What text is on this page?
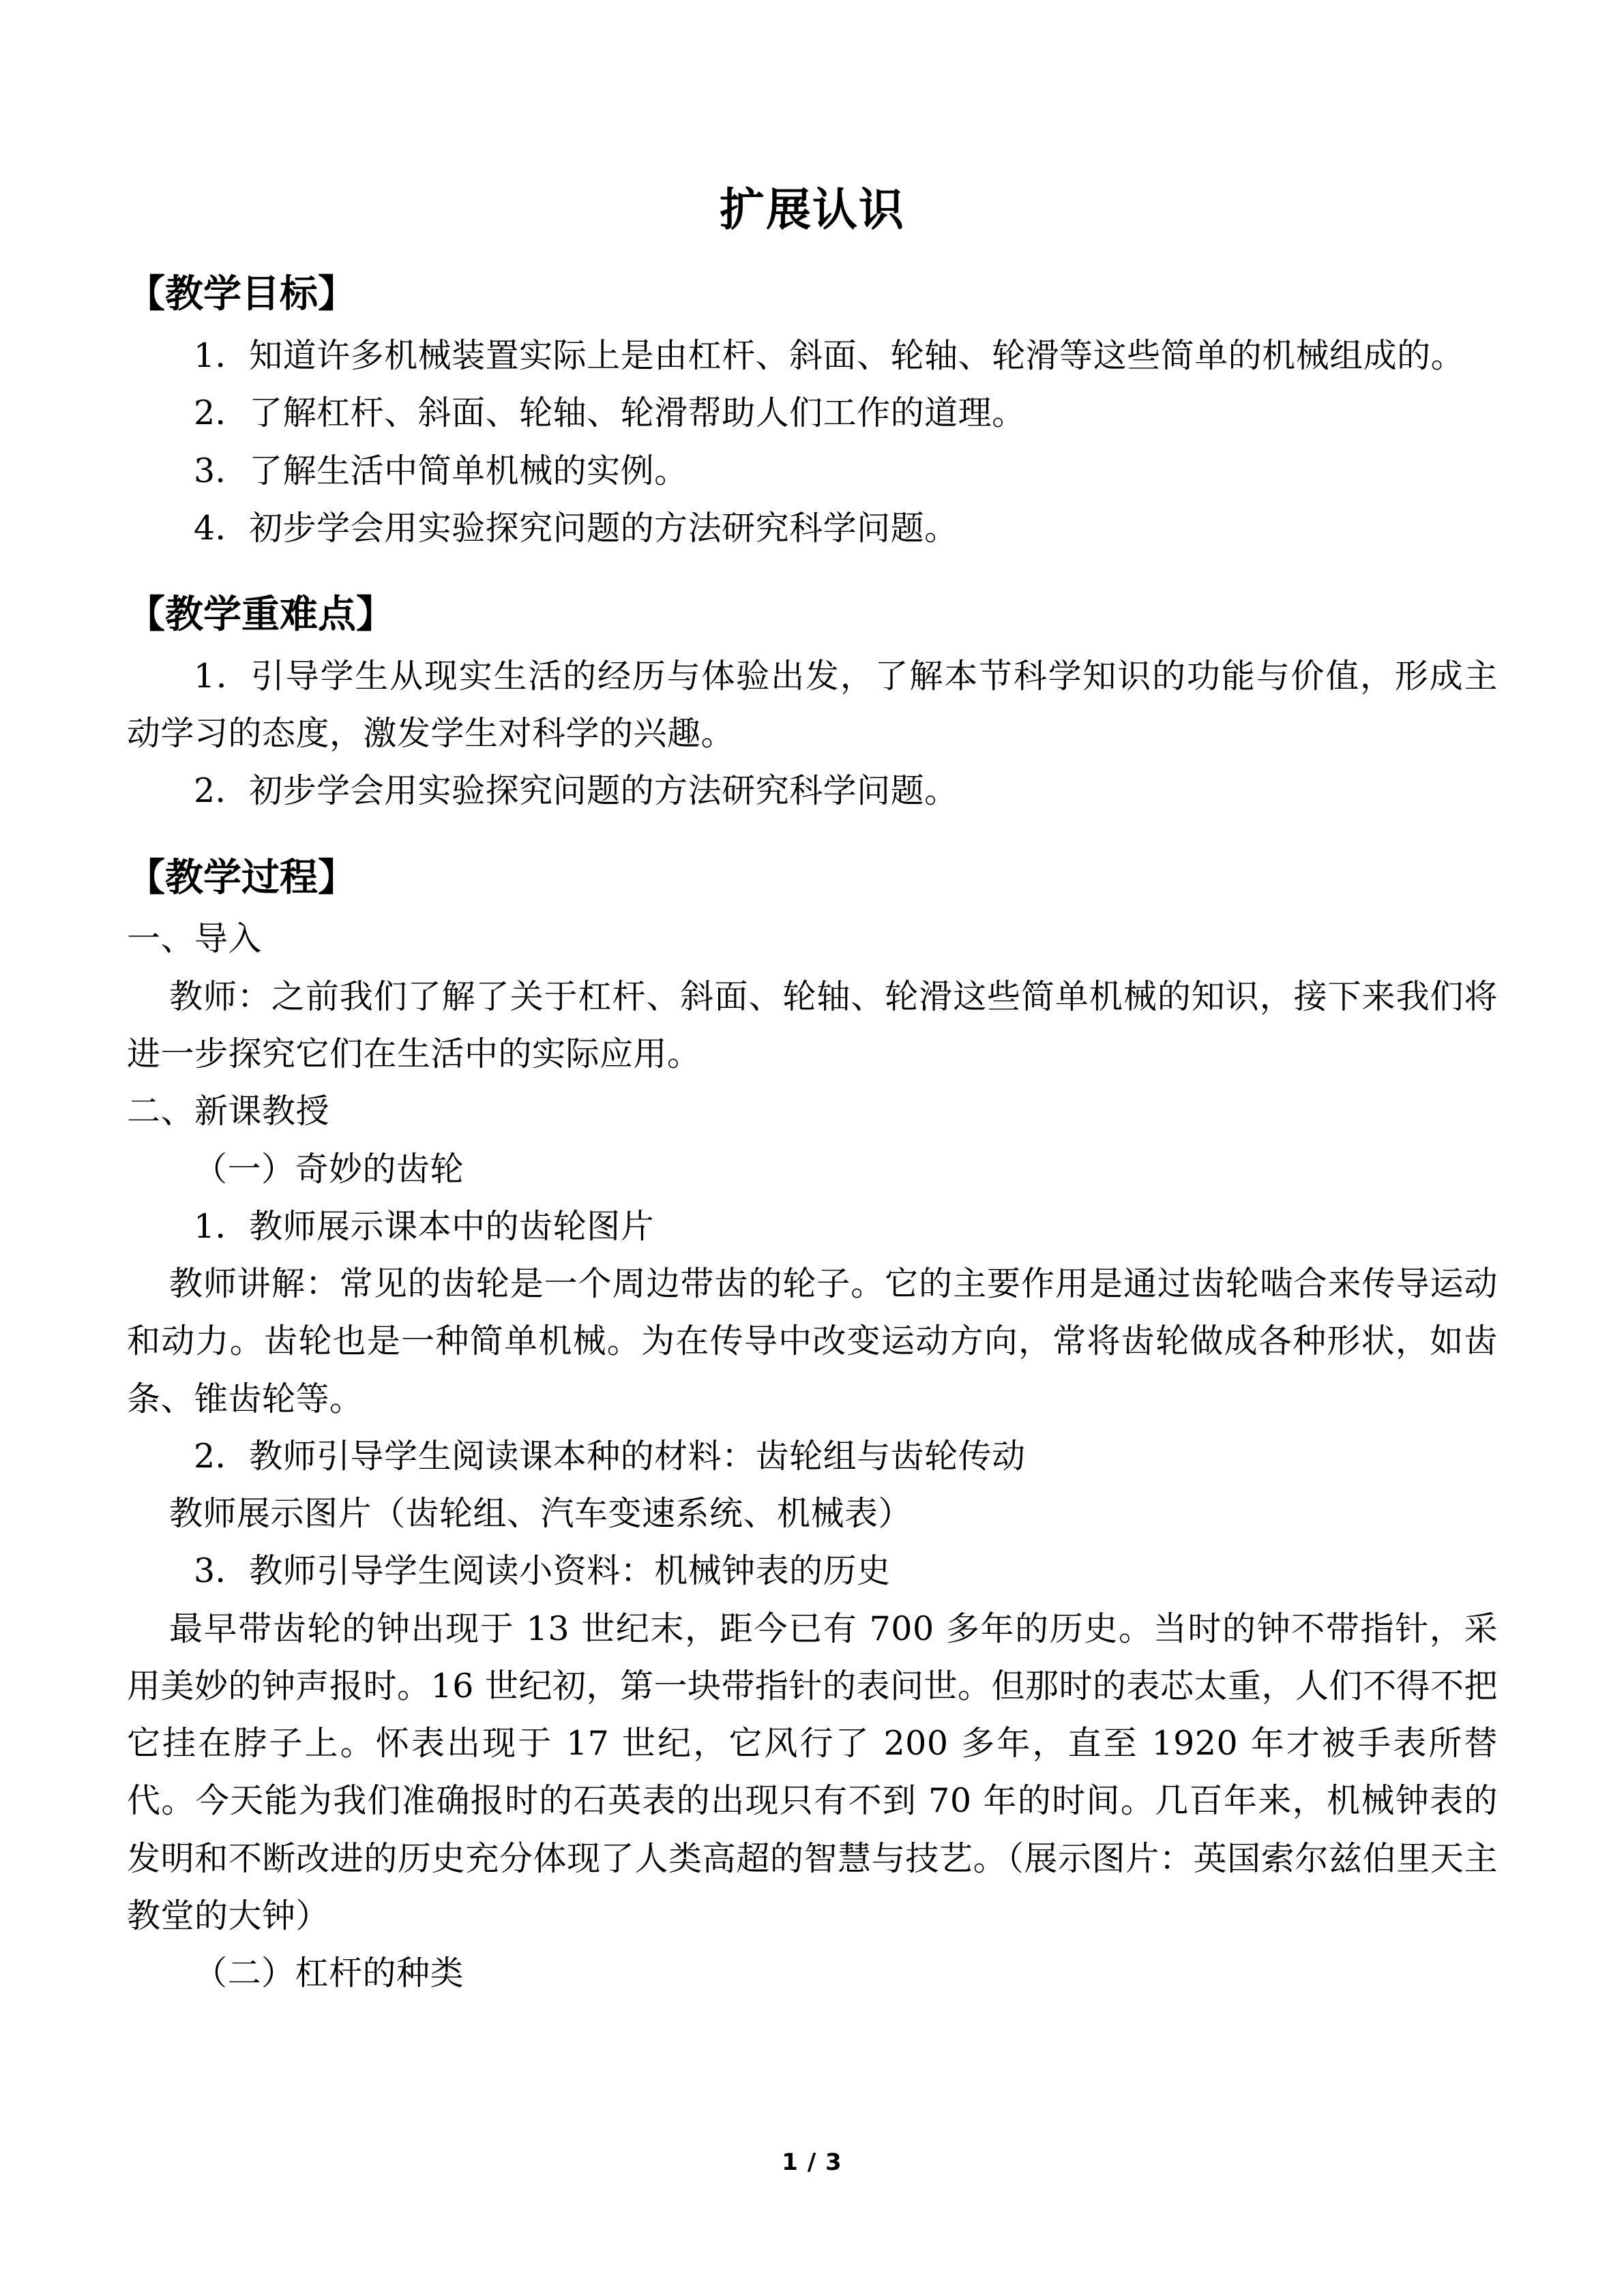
扩展认识
【教学目标】

1．知道许多机械装置实际上是由杠杆、斜面、轮轴、轮滑等这些简单的机械组成的。

2．了解杠杆、斜面、轮轴、轮滑帮助人们工作的道理。

3．了解生活中简单机械的实例。

4．初步学会用实验探究问题的方法研究科学问题。

【教学重难点】

1．引导学生从现实生活的经历与体验出发，了解本节科学知识的功能与价值，形成主动学习的态度，激发学生对科学的兴趣。

2．初步学会用实验探究问题的方法研究科学问题。

【教学过程】

一、导入

教师：之前我们了解了关于杠杆、斜面、轮轴、轮滑这些简单机械的知识，接下来我们将进一步探究它们在生活中的实际应用。

二、新课教授

（一）奇妙的齿轮

1．教师展示课本中的齿轮图片

教师讲解：常见的齿轮是一个周边带齿的轮子。它的主要作用是通过齿轮啮合来传导运动和动力。齿轮也是一种简单机械。为在传导中改变运动方向，常将齿轮做成各种形状，如齿条、锥齿轮等。

2．教师引导学生阅读课本种的材料：齿轮组与齿轮传动

教师展示图片（齿轮组、汽车变速系统、机械表）

3．教师引导学生阅读小资料：机械钟表的历史

最早带齿轮的钟出现于 13 世纪末，距今已有 700 多年的历史。当时的钟不带指针，采用美妙的钟声报时。16 世纪初，第一块带指针的表问世。但那时的表芯太重，人们不得不把它挂在脖子上。怀表出现于 17 世纪，它风行了 200 多年，直至 1920 年才被手表所替代。今天能为我们准确报时的石英表的出现只有不到 70 年的时间。几百年来，机械钟表的发明和不断改进的历史充分体现了人类高超的智慧与技艺。（展示图片：英国索尔兹伯里天主教堂的大钟）

（二）杠杆的种类

1 / 3
